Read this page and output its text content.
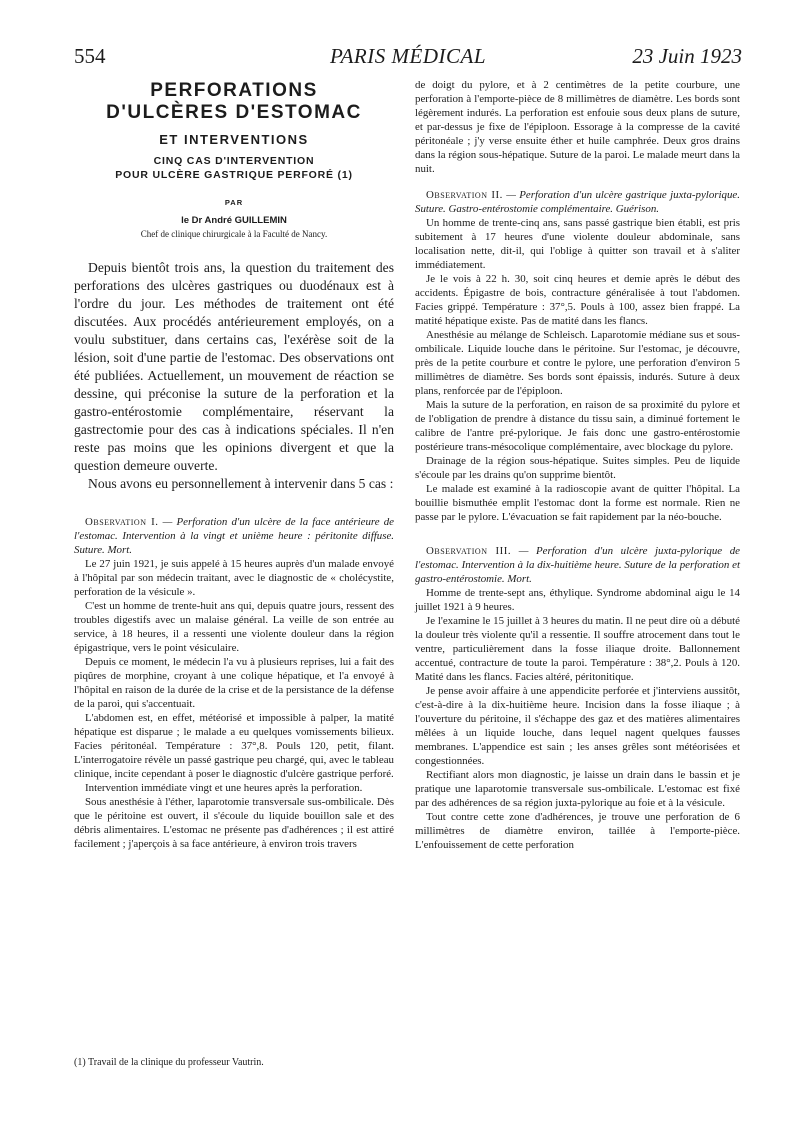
554	PARIS MÉDICAL	23 Juin 1923

PERFORATIONS

D'ULCÈRES D'ESTOMAC

ET INTERVENTIONS

CINQ CAS D'INTERVENTION

POUR ULCÈRE GASTRIQUE PERFORÉ (1)

PAR

le Dr André GUILLEMIN

Chef de clinique chirurgicale à la Faculté de Nancy.

Depuis bientôt trois ans, la question du traitement des perforations des ulcères gastriques ou duodénaux est à l'ordre du jour. Les méthodes de traitement ont été discutées. Aux procédés antérieurement employés, on a voulu substituer, dans certains cas, l'exérèse soit de la lésion, soit d'une partie de l'estomac. Des observations ont été publiées. Actuellement, un mouvement de réaction se dessine, qui préconise la suture de la perforation et la gastro-entérostomie complémentaire, réservant la gastrectomie pour des cas à indications spéciales. Il n'en reste pas moins que les opinions divergent et que la question demeure ouverte.

Nous avons eu personnellement à intervenir dans 5 cas :

Observation I. — Perforation d'un ulcère de la face antérieure de l'estomac. Intervention à la vingt et unième heure : péritonite diffuse. Suture. Mort.

Le 27 juin 1921, je suis appelé à 15 heures auprès d'un malade envoyé à l'hôpital par son médecin traitant, avec le diagnostic de « cholécystite, perforation de la vésicule ».

C'est un homme de trente-huit ans qui, depuis quatre jours, ressent des troubles digestifs avec un malaise général. La veille de son entrée au service, à 18 heures, il a ressenti une violente douleur dans la région épigastrique, vers le point vésiculaire.

Depuis ce moment, le médecin l'a vu à plusieurs reprises, lui a fait des piqûres de morphine, croyant à une colique hépatique, et l'a envoyé à l'hôpital en raison de la durée de la crise et de la persistance de la défense de la paroi, qui s'accentuait.

L'abdomen est, en effet, météorisé et impossible à palper, la matité hépatique est disparue ; le malade a eu quelques vomissements bilieux. Facies péritonéal. Température : 37°,8. Pouls 120, petit, filant. L'interrogatoire révèle un passé gastrique peu chargé, qui, avec le tableau clinique, incite cependant à poser le diagnostic d'ulcère gastrique perforé.

Intervention immédiate vingt et une heures après la perforation.

Sous anesthésie à l'éther, laparotomie transversale sus-ombilicale. Dès que le péritoine est ouvert, il s'écoule du liquide bouillon sale et des débris alimentaires. L'estomac ne présente pas d'adhérences ; il est attiré facilement ; j'aperçois à sa face antérieure, à environ trois travers

(1) Travail de la clinique du professeur Vautrin.

de doigt du pylore, et à 2 centimètres de la petite courbure, une perforation à l'emporte-pièce de 8 millimètres de diamètre. Les bords sont légèrement indurés. La perforation est enfouie sous deux plans de suture, et par-dessus je fixe de l'épiploon. Essorage à la compresse de la cavité péritonéale ; j'y verse ensuite éther et huile camphrée. Deux gros drains dans la région sous-hépatique. Suture de la paroi. Le malade meurt dans la nuit.

Observation II. — Perforation d'un ulcère gastrique juxta-pylorique. Suture. Gastro-entérostomie complémentaire. Guérison.

Un homme de trente-cinq ans, sans passé gastrique bien établi, est pris subitement à 17 heures d'une violente douleur abdominale, sans localisation nette, dit-il, qui l'oblige à quitter son travail et à s'aliter immédiatement.

Je le vois à 22 h. 30, soit cinq heures et demie après le début des accidents. Épigastre de bois, contracture généralisée à tout l'abdomen. Facies grippé. Température : 37°,5. Pouls à 100, assez bien frappé. La matité hépatique existe. Pas de matité dans les flancs.

Anesthésie au mélange de Schleisch. Laparotomie médiane sus et sous-ombilicale. Liquide louche dans le péritoine. Sur l'estomac, je découvre, près de la petite courbure et contre le pylore, une perforation d'environ 5 millimètres de diamètre. Ses bords sont épaissis, indurés. Suture à deux plans, renforcée par de l'épiploon.

Mais la suture de la perforation, en raison de sa proximité du pylore et de l'obligation de prendre à distance du tissu sain, a diminué fortement le calibre de l'antre pré-pylorique. Je fais donc une gastro-entérostomie postérieure trans-mésocolique complémentaire, avec blockage du pylore.

Drainage de la région sous-hépatique. Suites simples. Peu de liquide s'écoule par les drains qu'on supprime bientôt.

Le malade est examiné à la radioscopie avant de quitter l'hôpital. La bouillie bismuthée emplit l'estomac dont la forme est normale. Rien ne passe par le pylore. L'évacuation se fait rapidement par la néo-bouche.

Observation III. — Perforation d'un ulcère juxta-pylorique de l'estomac. Intervention à la dix-huitième heure. Suture de la perforation et gastro-entérostomie. Mort.

Homme de trente-sept ans, éthylique. Syndrome abdominal aigu le 14 juillet 1921 à 9 heures.

Je l'examine le 15 juillet à 3 heures du matin. Il ne peut dire où a débuté la douleur très violente qu'il a ressentie. Il souffre atrocement dans tout le ventre, particulièrement dans la fosse iliaque droite. Ballonnement accentué, contracture de toute la paroi. Température : 38°,2. Pouls à 120. Matité dans les flancs. Facies altéré, péritonitique.

Je pense avoir affaire à une appendicite perforée et j'interviens aussitôt, c'est-à-dire à la dix-huitième heure. Incision dans la fosse iliaque ; à l'ouverture du péritoine, il s'échappe des gaz et des matières alimentaires mêlées à un liquide louche, dans lequel nagent quelques fausses membranes. L'appendice est sain ; les anses grêles sont météorisées et congestionnées.

Rectifiant alors mon diagnostic, je laisse un drain dans le bassin et je pratique une laparotomie transversale sus-ombilicale. L'estomac est fixé par des adhérences de sa région juxta-pylorique au foie et à la vésicule.

Tout contre cette zone d'adhérences, je trouve une perforation de 6 millimètres de diamètre environ, taillée à l'emporte-pièce. L'enfouissement de cette perforation
